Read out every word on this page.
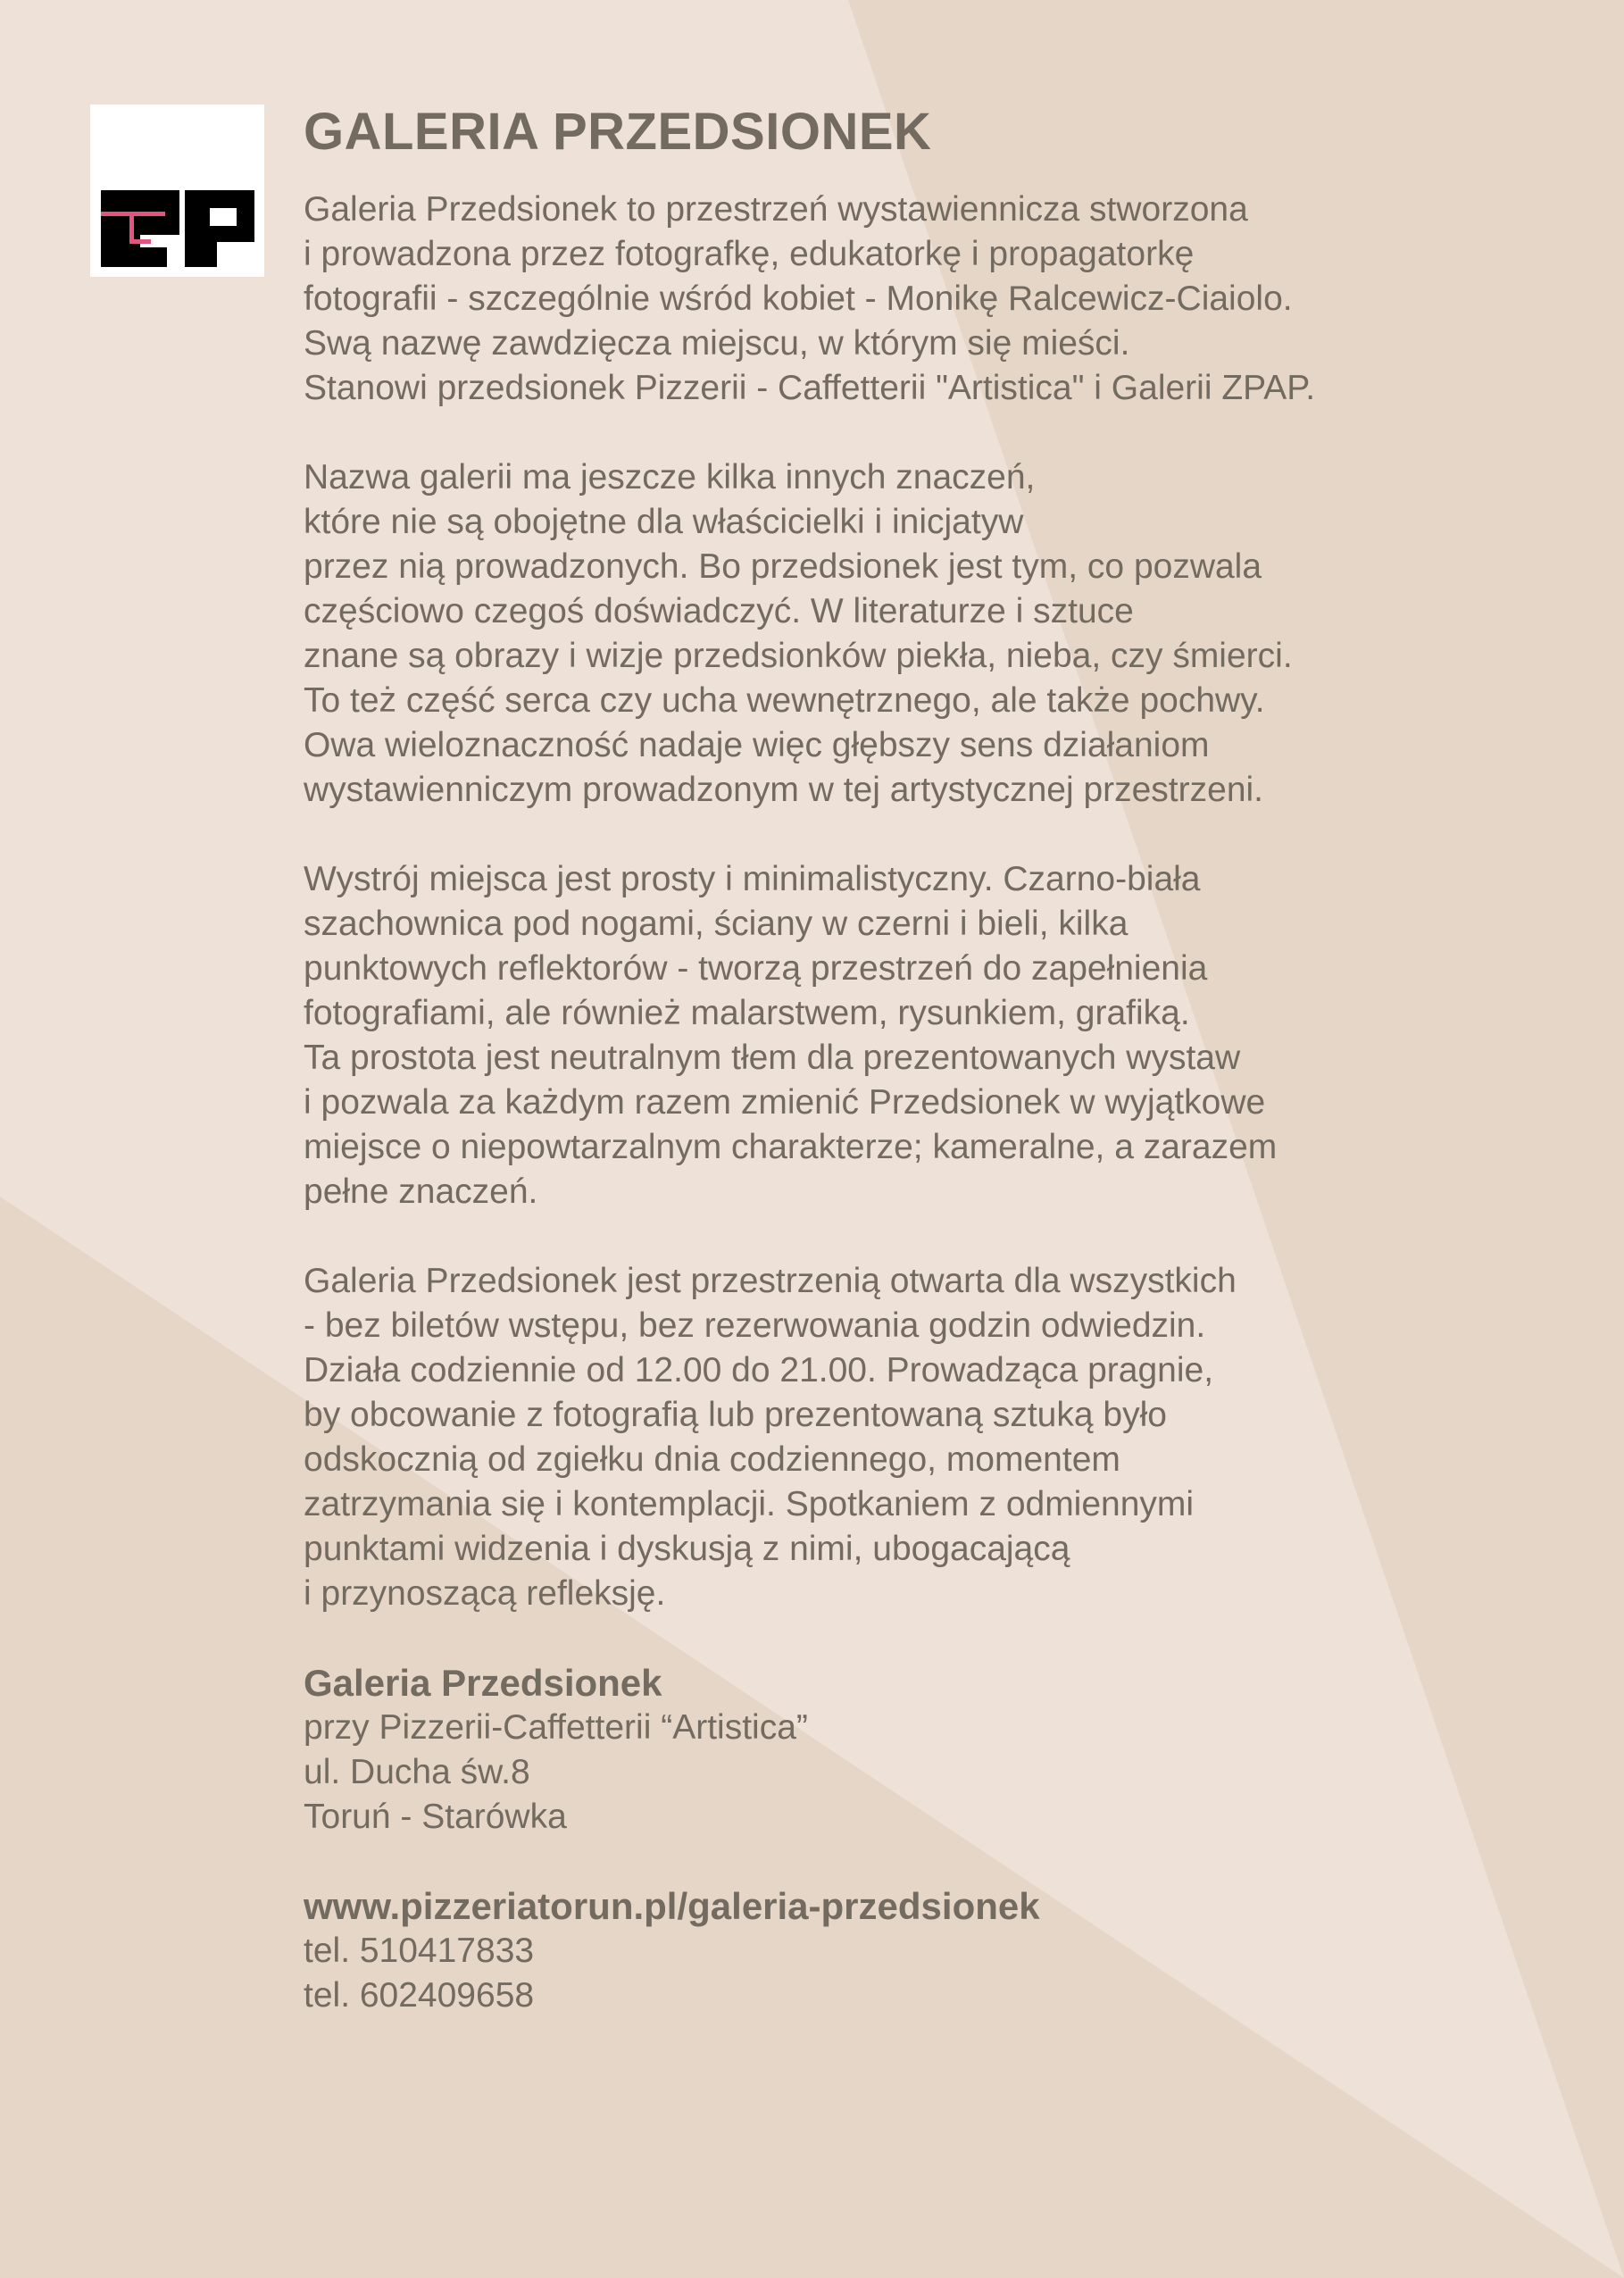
GALERIA PRZEDSIONEK

Galeria Przedsionek to przestrzeń wystawiennicza stworzona
i prowadzona przez fotografkę, edukatorkę i propagatorkę
fotografii - szczególnie wśród kobiet - Monikę Ralcewicz-Ciaiolo.
Swą nazwę zawdzięcza miejscu, w którym się mieści.
Stanowi przedsionek Pizzerii - Caffetterii "Artistica" i Galerii ZPAP.

Nazwa galerii ma jeszcze kilka innych znaczeń,
które nie są obojętne dla właścicielki i inicjatyw
przez nią prowadzonych. Bo przedsionek jest tym, co pozwala
częściowo czegoś doświadczyć. W literaturze i sztuce
znane są obrazy i wizje przedsionków piekła, nieba, czy śmierci.
To też część serca czy ucha wewnętrznego, ale także pochwy.
Owa wieloznaczność nadaje więc głębszy sens działaniom
wystawienniczym prowadzonym w tej artystycznej przestrzeni.

Wystrój miejsca jest prosty i minimalistyczny. Czarno-biała
szachownica pod nogami, ściany w czerni i bieli, kilka
punktowych reflektorów - tworzą przestrzeń do zapełnienia
fotografiami, ale również malarstwem, rysunkiem, grafiką.
Ta prostota jest neutralnym tłem dla prezentowanych wystaw
i pozwala za każdym razem zmienić Przedsionek w wyjątkowe
miejsce o niepowtarzalnym charakterze; kameralne, a zarazem
pełne znaczeń.

Galeria Przedsionek jest przestrzenią otwarta dla wszystkich
- bez biletów wstępu, bez rezerwowania godzin odwiedzin.
Działa codziennie od 12.00 do 21.00. Prowadząca pragnie,
by obcowanie z fotografią lub prezentowaną sztuką było
odskocznią od zgiełku dnia codziennego, momentem
zatrzymania się i kontemplacji. Spotkaniem z odmiennymi
punktami widzenia i dyskusją z nimi, ubogacającą
i przynoszącą refleksję.

Galeria Przedsionek
przy Pizzerii-Caffetterii “Artistica”
ul. Ducha św.8
Toruń - Starówka
www.pizzeriatorun.pl/galeria-przedsionek
tel. 510417833
tel. 602409658
